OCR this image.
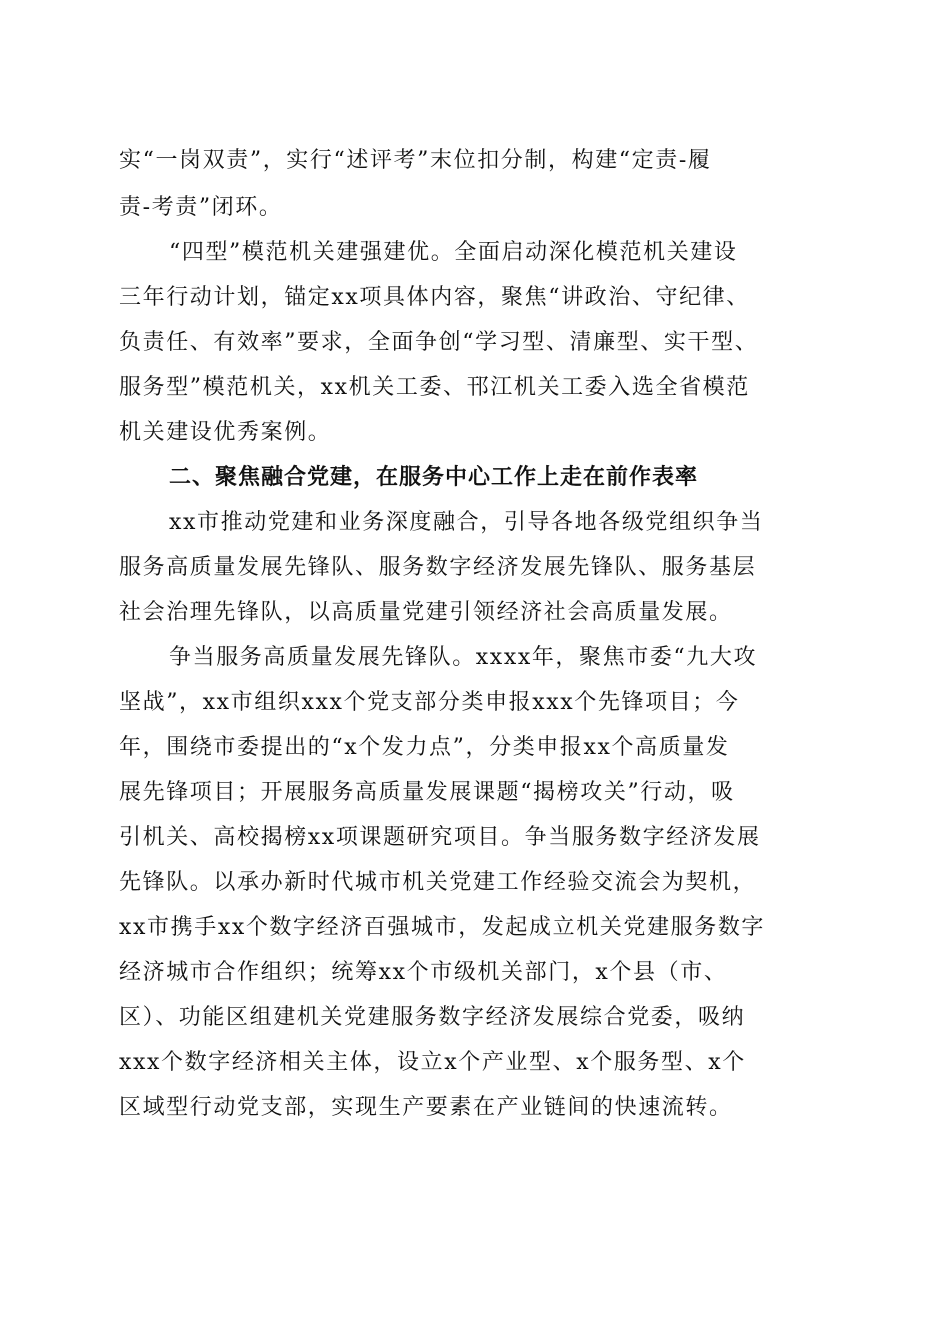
实“一岗双责”，实行“述评考”末位扣分制，构建“定责-履
责-考责”闭环。
“四型”模范机关建强建优。全面启动深化模范机关建设
三年行动计划，锚定xx项具体内容，聚焦“讲政治、守纪律、
负责任、有效率”要求，全面争创“学习型、清廉型、实干型、
服务型”模范机关，xx机关工委、邗江机关工委入选全省模范
机关建设优秀案例。
二、聚焦融合党建，在服务中心工作上走在前作表率
xx市推动党建和业务深度融合，引导各地各级党组织争当
服务高质量发展先锋队、服务数字经济发展先锋队、服务基层
社会治理先锋队，以高质量党建引领经济社会高质量发展。
争当服务高质量发展先锋队。xxxx年，聚焦市委“九大攻
坚战”，xx市组织xxx个党支部分类申报xxx个先锋项目；今
年，围绕市委提出的“x个发力点”，分类申报xx个高质量发
展先锋项目；开展服务高质量发展课题“揭榜攻关”行动，吸
引机关、高校揭榜xx项课题研究项目。争当服务数字经济发展
先锋队。以承办新时代城市机关党建工作经验交流会为契机，
xx市携手xx个数字经济百强城市，发起成立机关党建服务数字
经济城市合作组织；统筹xx个市级机关部门，x个县（市、
区）、功能区组建机关党建服务数字经济发展综合党委，吸纳
xxx个数字经济相关主体，设立x个产业型、x个服务型、x个
区域型行动党支部，实现生产要素在产业链间的快速流转。
